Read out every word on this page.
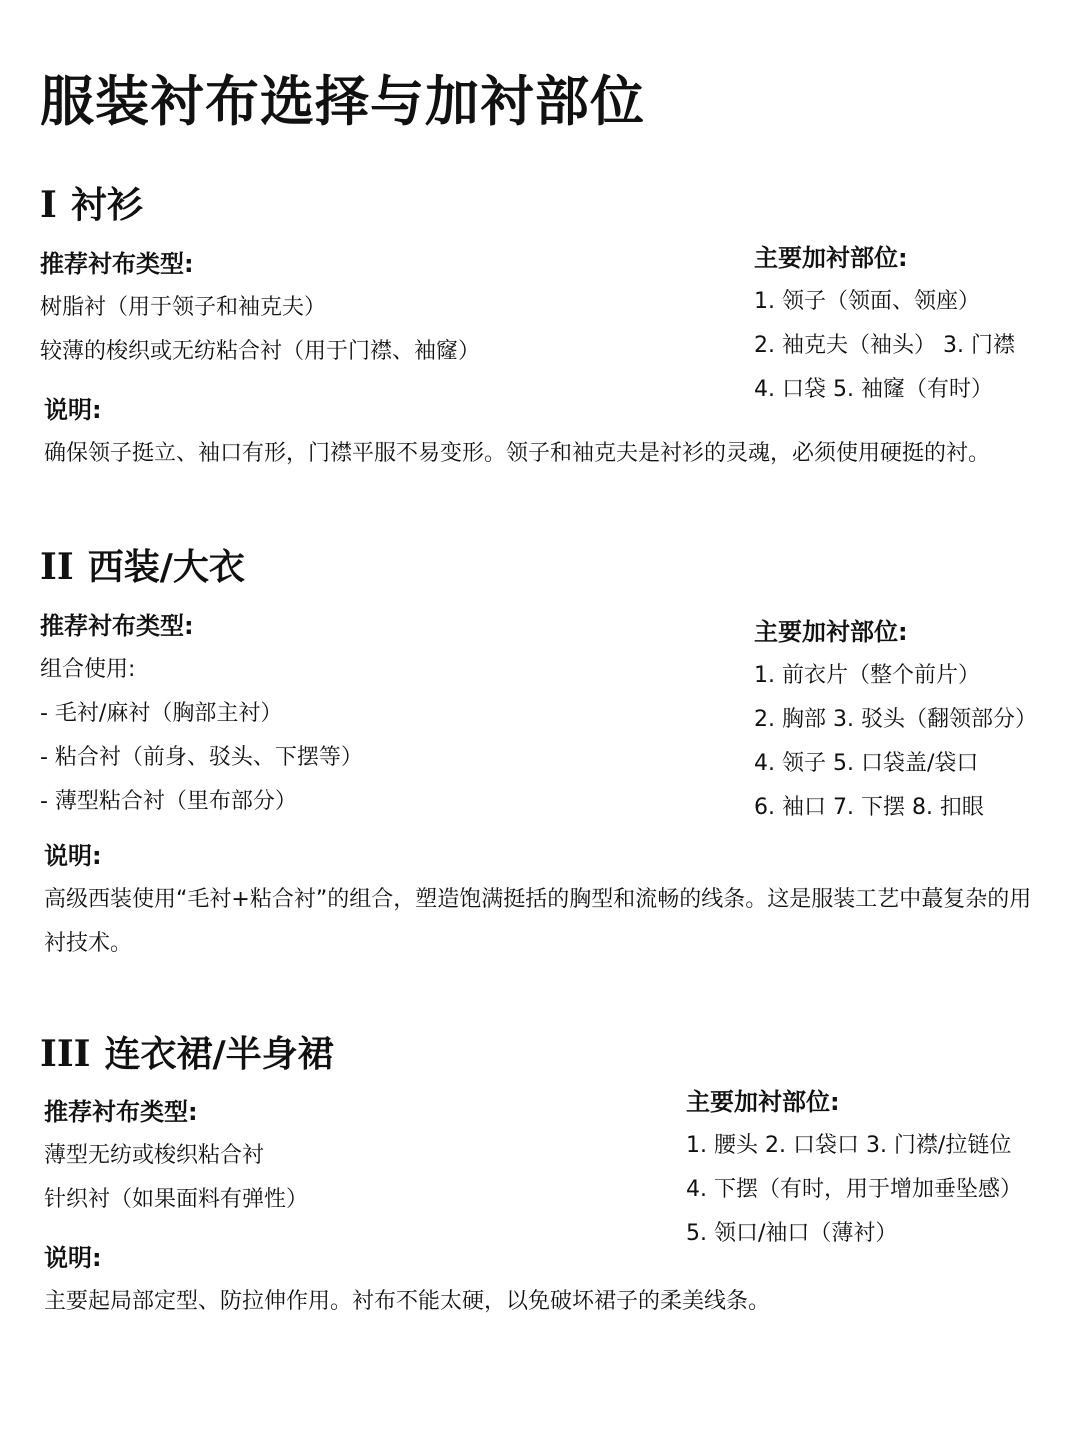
服装衬布选择与加衬部位
I 衬衫
推荐衬布类型:
树脂衬（用于领子和袖克夫）
较薄的梭织或无纺粘合衬（用于门襟、袖窿）
主要加衬部位:
1. 领子（领面、领座）
2. 袖克夫（袖头） 3. 门襟
4. 口袋 5. 袖窿（有时）
说明:
确保领子挺立、袖口有形，门襟平服不易变形。领子和袖克夫是衬衫的灵魂，必须使用硬挺的衬。
II 西装/大衣
推荐衬布类型:
组合使用:
- 毛衬/麻衬（胸部主衬）
- 粘合衬（前身、驳头、下摆等）
- 薄型粘合衬（里布部分）
主要加衬部位:
1. 前衣片（整个前片）
2. 胸部 3. 驳头（翻领部分）
4. 领子 5. 口袋盖/袋口
6. 袖口 7. 下摆 8. 扣眼
说明:
高级西装使用“毛衬+粘合衬”的组合，塑造饱满挺括的胸型和流畅的线条。这是服装工艺中蕞复杂的用衬技术。
III 连衣裙/半身裙
推荐衬布类型:
薄型无纺或梭织粘合衬
针织衬（如果面料有弹性）
主要加衬部位:
1. 腰头 2. 口袋口 3. 门襟/拉链位
4. 下摆（有时，用于增加垂坠感）
5. 领口/袖口（薄衬）
说明:
主要起局部定型、防拉伸作用。衬布不能太硬，以免破坏裙子的柔美线条。
